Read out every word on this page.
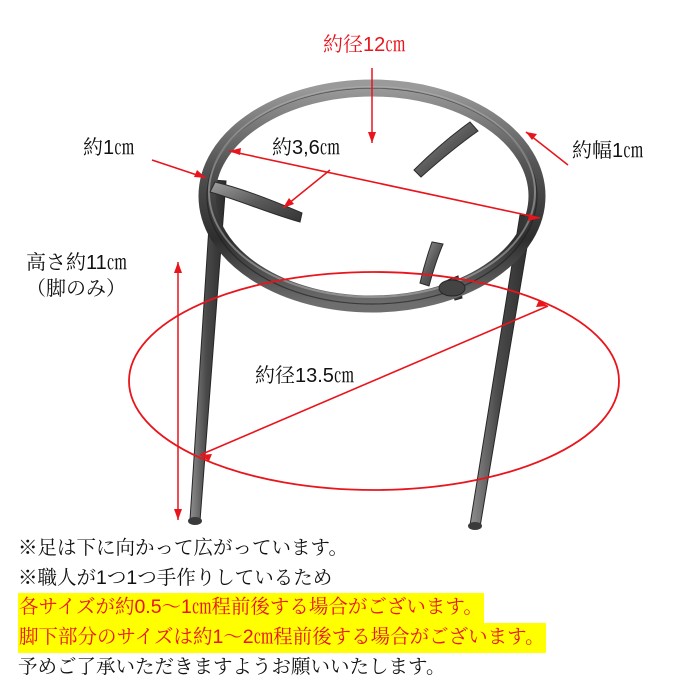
約径12㎝
約1㎝	約3,6㎝	約幅1㎝
高さ約11㎝
（脚のみ）
約径13.5㎝
※足は下に向かって広がっています。
※職人が1つ1つ手作りしているため
各サイズが約0.5～1㎝程前後する場合がございます。
脚下部分のサイズは約1～2㎝程前後する場合がございます。
予めご了承いただきますようお願いいたします。
